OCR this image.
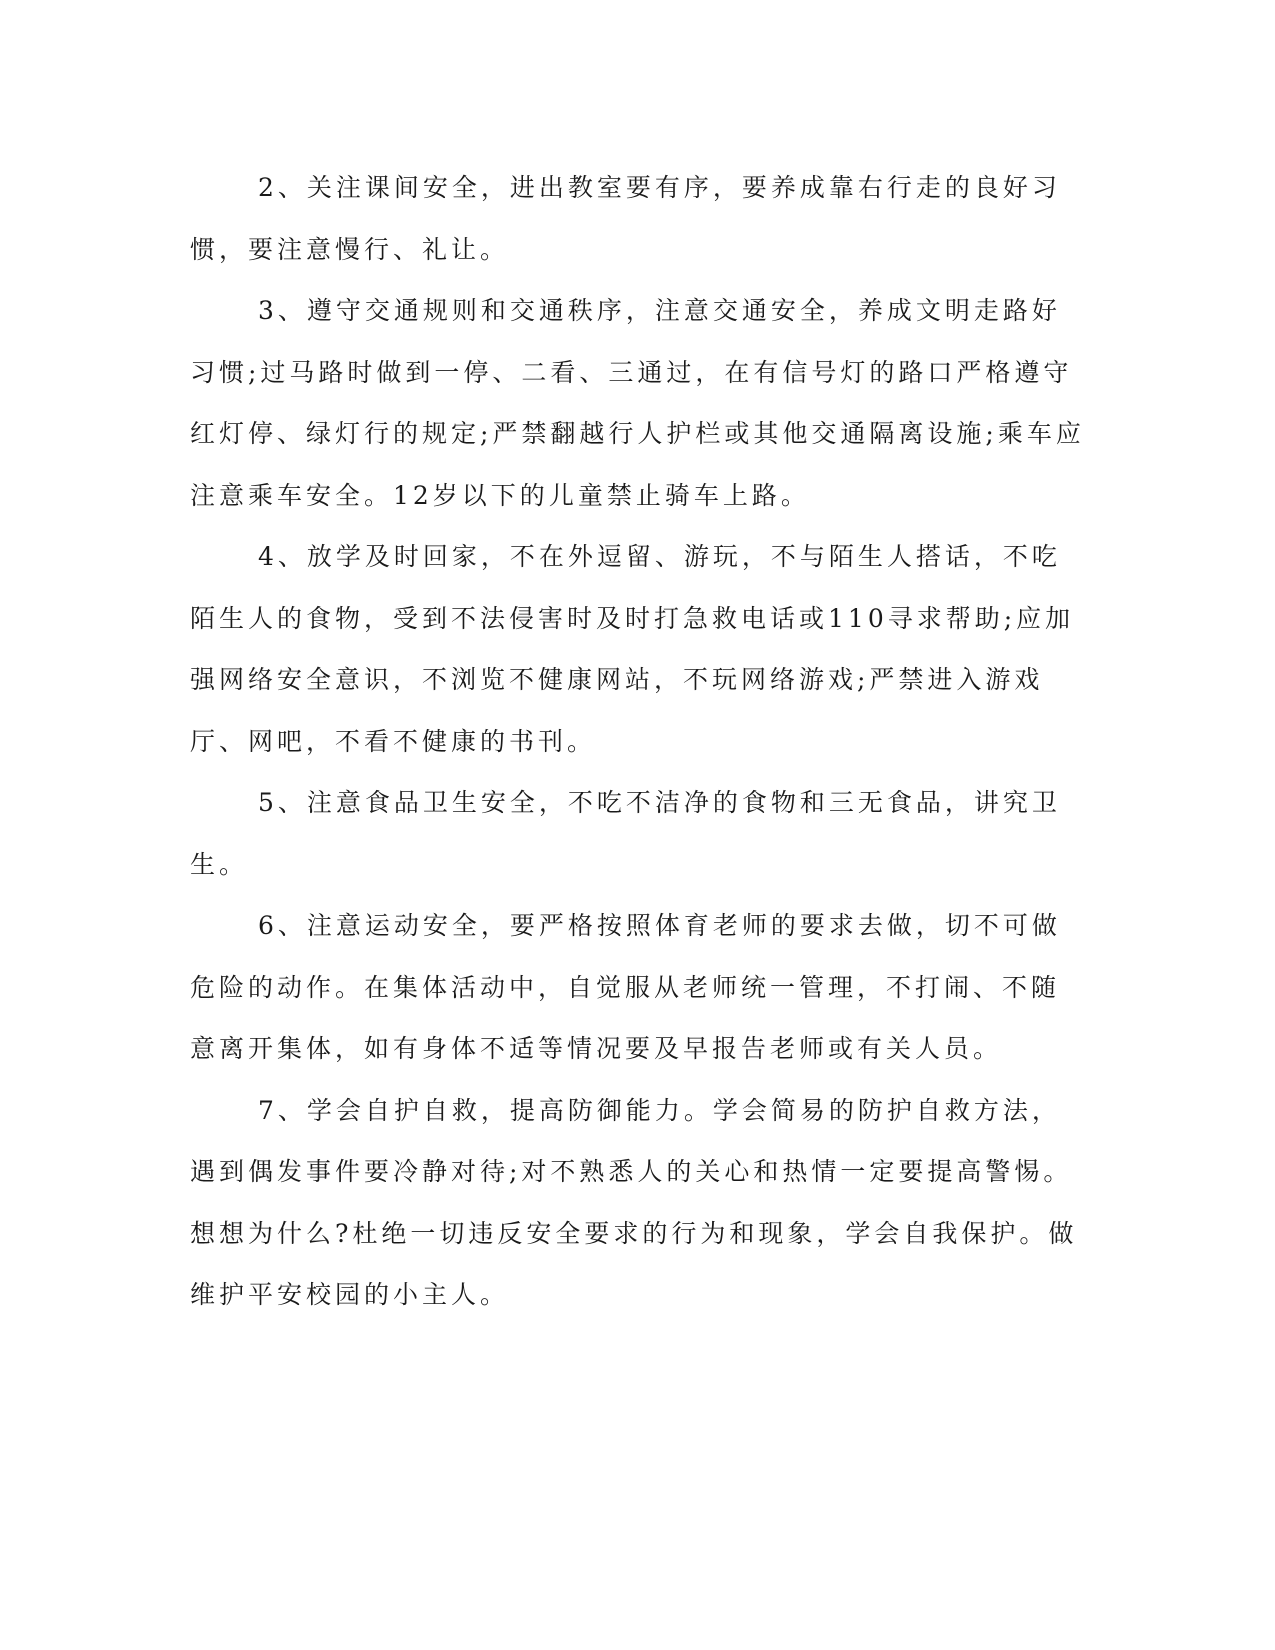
2、关注课间安全，进出教室要有序，要养成靠右行走的良好习惯，要注意慢行、礼让。

3、遵守交通规则和交通秩序，注意交通安全，养成文明走路好习惯;过马路时做到一停、二看、三通过，在有信号灯的路口严格遵守红灯停、绿灯行的规定;严禁翻越行人护栏或其他交通隔离设施;乘车应注意乘车安全。12岁以下的儿童禁止骑车上路。

4、放学及时回家，不在外逗留、游玩，不与陌生人搭话，不吃陌生人的食物，受到不法侵害时及时打急救电话或110寻求帮助;应加强网络安全意识，不浏览不健康网站，不玩网络游戏;严禁进入游戏厅、网吧，不看不健康的书刊。

5、注意食品卫生安全，不吃不洁净的食物和三无食品，讲究卫生。

6、注意运动安全，要严格按照体育老师的要求去做，切不可做危险的动作。在集体活动中，自觉服从老师统一管理，不打闹、不随意离开集体，如有身体不适等情况要及早报告老师或有关人员。

7、学会自护自救，提高防御能力。学会简易的防护自救方法，遇到偶发事件要冷静对待;对不熟悉人的关心和热情一定要提高警惕。想想为什么?杜绝一切违反安全要求的行为和现象，学会自我保护。做维护平安校园的小主人。
